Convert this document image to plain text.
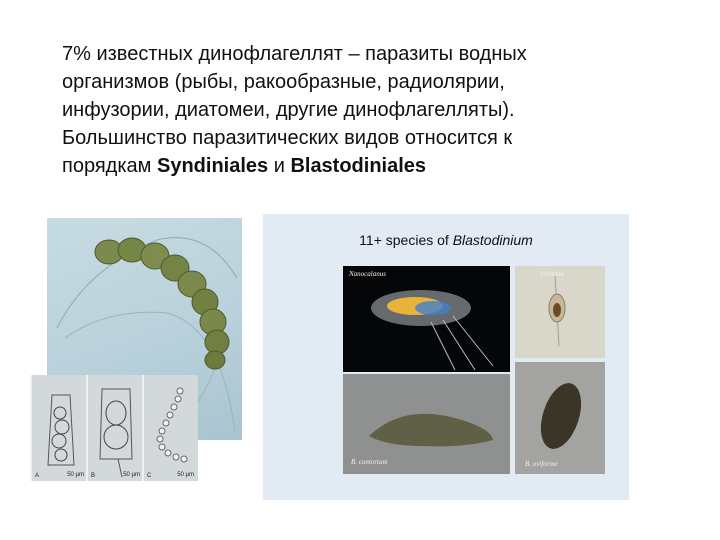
7% известных динофлагеллят – паразиты водных
организмов (рыбы, ракообразные, радиолярии,
инфузории, диатомеи, другие динофлагелляты).
Большинство паразитических видов относится к
порядкам Syndiniales и Blastodiniales
A	50 µm B	50 µm C	50 µm
11+ species of Blastodinium
Nanocalanus	Oithona
B. contortum	B. oviforme
